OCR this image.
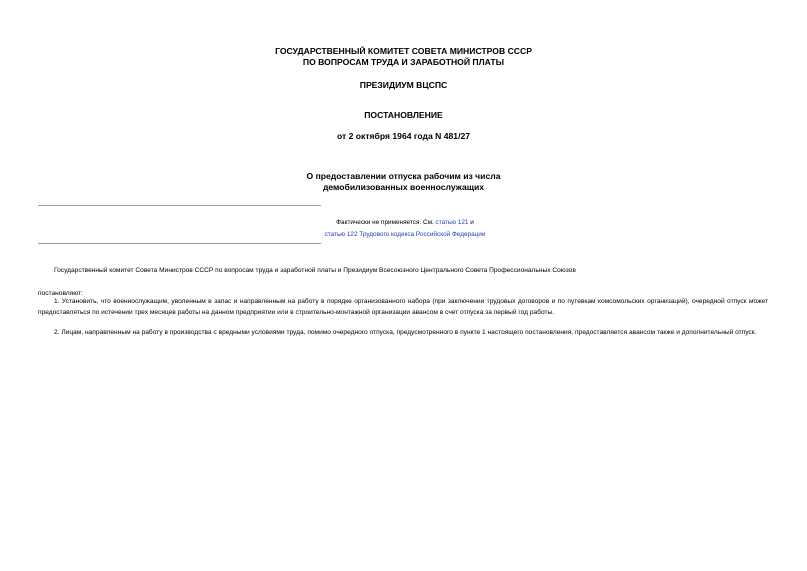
ГОСУДАРСТВЕННЫЙ КОМИТЕТ СОВЕТА МИНИСТРОВ СССР
ПО ВОПРОСАМ ТРУДА И ЗАРАБОТНОЙ ПЛАТЫ
ПРЕЗИДИУМ ВЦСПС
ПОСТАНОВЛЕНИЕ
от 2 октября 1964 года N 481/27
О предоставлении отпуска рабочим из числа
демобилизованных военнослужащих
Фактически не применяется. См. статью 121 и
статью 122 Трудового кодекса Российской Федерации

Государственный комитет Совета Министров СССР по вопросам труда и заработной платы и Президиум Всесоюзного Центрального Совета Профессиональных Союзов

постановляют:

1. Установить, что военнослужащим, уволенным в запас и направленным на работу в порядке организованного набора (при заключении трудовых договоров и по путевкам комсомольских организаций), очередной отпуск может предоставляться по истечении трех месяцев работы на данном предприятии или в строительно-монтажной организации авансом в счет отпуска за первый год работы.

2. Лицам, направленным на работу в производства с вредными условиями труда, помимо очередного отпуска, предусмотренного в пункте 1 настоящего постановления, предоставляется авансом также и дополнительный отпуск.
